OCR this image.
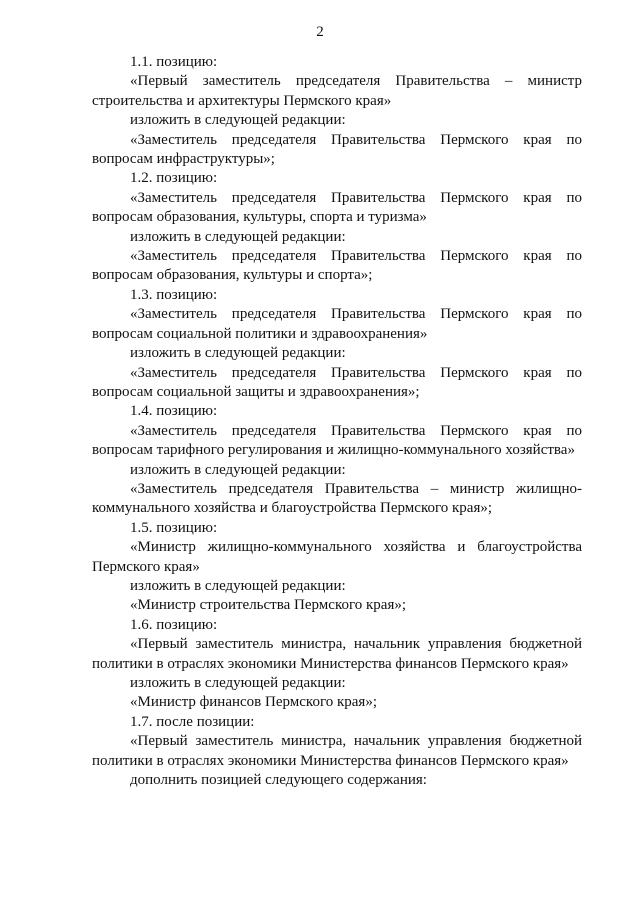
2

1.1. позицию:

«Первый заместитель председателя Правительства – министр строительства и архитектуры Пермского края»

изложить в следующей редакции:

«Заместитель председателя Правительства Пермского края по вопросам инфраструктуры»;

1.2. позицию:

«Заместитель председателя Правительства Пермского края по вопросам образования, культуры, спорта и туризма»

изложить в следующей редакции:

«Заместитель председателя Правительства Пермского края по вопросам образования, культуры и спорта»;

1.3. позицию:

«Заместитель председателя Правительства Пермского края по вопросам социальной политики и здравоохранения»

изложить в следующей редакции:

«Заместитель председателя Правительства Пермского края по вопросам социальной защиты и здравоохранения»;

1.4. позицию:

«Заместитель председателя Правительства Пермского края по вопросам тарифного регулирования и жилищно-коммунального хозяйства»

изложить в следующей редакции:

«Заместитель председателя Правительства – министр жилищно-коммунального хозяйства и благоустройства Пермского края»;

1.5. позицию:

«Министр жилищно-коммунального хозяйства и благоустройства Пермского края»

изложить в следующей редакции:

«Министр строительства Пермского края»;

1.6. позицию:

«Первый заместитель министра, начальник управления бюджетной политики в отраслях экономики Министерства финансов Пермского края»

изложить в следующей редакции:

«Министр финансов Пермского края»;

1.7. после позиции:

«Первый заместитель министра, начальник управления бюджетной политики в отраслях экономики Министерства финансов Пермского края»

дополнить позицией следующего содержания:
